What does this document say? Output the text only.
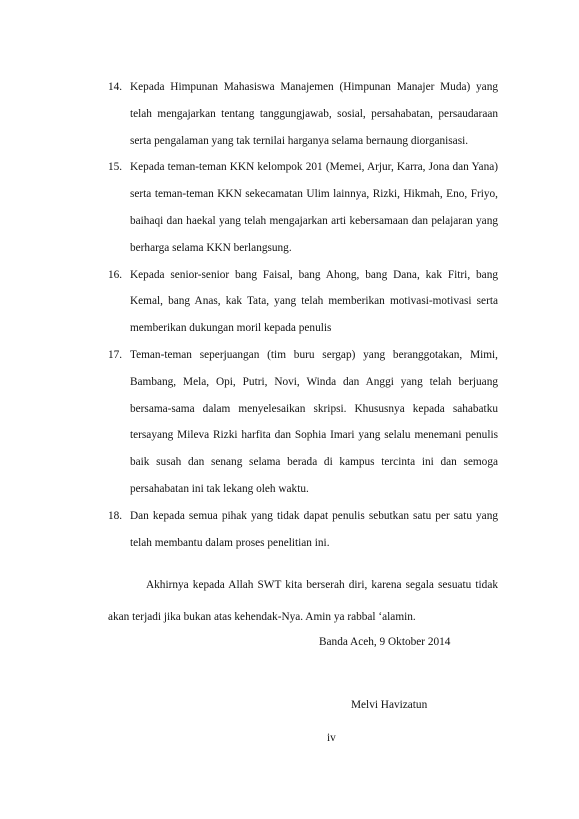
14. Kepada Himpunan Mahasiswa Manajemen (Himpunan Manajer Muda) yang telah mengajarkan tentang tanggungjawab, sosial, persahabatan, persaudaraan serta pengalaman yang tak ternilai harganya selama bernaung diorganisasi.
15. Kepada teman-teman KKN kelompok 201 (Memei, Arjur, Karra, Jona dan Yana) serta teman-teman KKN sekecamatan Ulim lainnya, Rizki, Hikmah, Eno, Friyo, baihaqi dan haekal yang telah mengajarkan arti kebersamaan dan pelajaran yang berharga selama KKN berlangsung.
16. Kepada senior-senior bang Faisal, bang Ahong, bang Dana, kak Fitri, bang Kemal, bang Anas, kak Tata, yang telah memberikan motivasi-motivasi serta memberikan dukungan moril kepada penulis
17. Teman-teman seperjuangan (tim buru sergap) yang beranggotakan, Mimi, Bambang, Mela, Opi, Putri, Novi, Winda dan Anggi yang telah berjuang bersama-sama dalam menyelesaikan skripsi. Khususnya kepada sahabatku tersayang Mileva Rizki harfita dan Sophia Imari yang selalu menemani penulis baik susah dan senang selama berada di kampus tercinta ini dan semoga persahabatan ini tak lekang oleh waktu.
18. Dan kepada semua pihak yang tidak dapat penulis sebutkan satu per satu yang telah membantu dalam proses penelitian ini.

Akhirnya kepada Allah SWT kita berserah diri, karena segala sesuatu tidak akan terjadi jika bukan atas kehendak-Nya. Amin ya rabbal ‘alamin.

Banda Aceh, 9 Oktober 2014

Melvi Havizatun

iv
